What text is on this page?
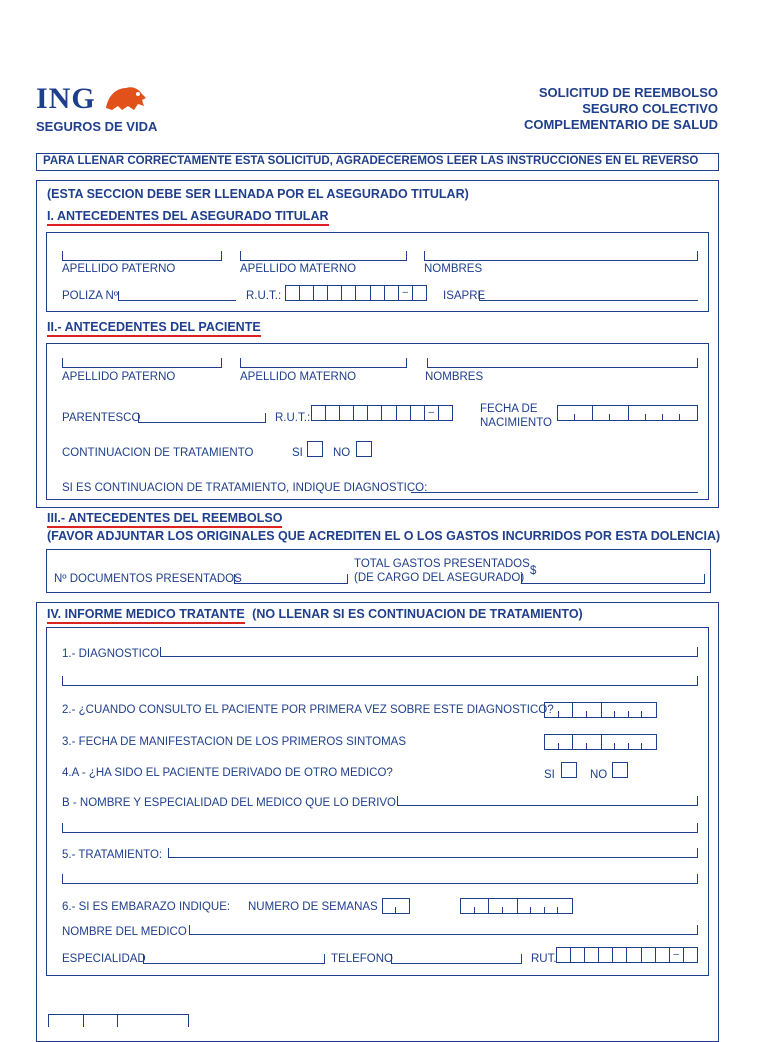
ING
SEGUROS DE VIDA
SOLICITUD DE REEMBOLSO
SEGURO COLECTIVO
COMPLEMENTARIO DE SALUD
PARA LLENAR CORRECTAMENTE ESTA SOLICITUD, AGRADECEREMOS LEER LAS INSTRUCCIONES EN EL REVERSO
(ESTA SECCION DEBE SER LLENADA POR EL ASEGURADO TITULAR)
I. ANTECEDENTES DEL ASEGURADO TITULAR
APELLIDO PATERNO	APELLIDO MATERNO	NOMBRES
POLIZA Nº	R.U.T.:	–	ISAPRE
II.- ANTECEDENTES DEL PACIENTE
APELLIDO PATERNO	APELLIDO MATERNO	NOMBRES
PARENTESCO	R.U.T.:	–	FECHA DE
NACIMIENTO
CONTINUACION DE TRATAMIENTO	SI	NO
SI ES CONTINUACION DE TRATAMIENTO, INDIQUE DIAGNOSTICO:
III.- ANTECEDENTES DEL REEMBOLSO
(FAVOR ADJUNTAR LOS ORIGINALES QUE ACREDITEN EL O LOS GASTOS INCURRIDOS POR ESTA DOLENCIA)
Nº DOCUMENTOS PRESENTADOS
TOTAL GASTOS PRESENTADOS
(DE CARGO DEL ASEGURADO)
$
IV. INFORME MEDICO TRATANTE (NO LLENAR SI ES CONTINUACION DE TRATAMIENTO)
1.- DIAGNOSTICO
2.- ¿CUANDO CONSULTO EL PACIENTE POR PRIMERA VEZ SOBRE ESTE DIAGNOSTICO?
3.- FECHA DE MANIFESTACION DE LOS PRIMEROS SINTOMAS
4.A - ¿HA SIDO EL PACIENTE DERIVADO DE OTRO MEDICO?	SI	NO
B - NOMBRE Y ESPECIALIDAD DEL MEDICO QUE LO DERIVO:
5.- TRATAMIENTO:
6.- SI ES EMBARAZO INDIQUE: NUMERO DE SEMANAS
NOMBRE DEL MEDICO
ESPECIALIDAD	TELEFONO	RUT.	–
